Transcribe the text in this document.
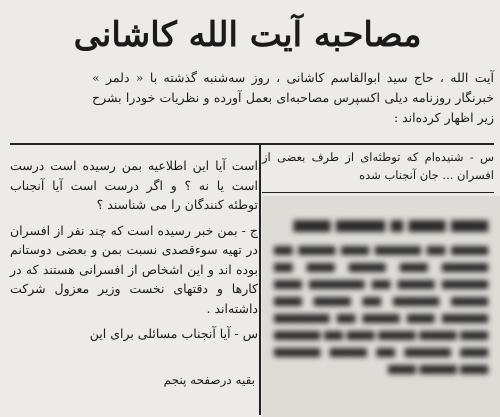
مصاحبه آیت الله کاشانی
آیت الله ، حاج سید ابوالقاسم کاشانی ، روز سه‌شنبه گذشته با « دلمر » خبرنگار روزنامه دیلی اکسپرس مصاحبه‌ای بعمل آورده و نظریات خودرا بشرح زیر اظهار کرده‌اند :
س - شنیده‌ام که توطئه‌ای از طرف بعضی از افسران ... جان آنجناب شده

است آیا این اطلاعیه بمن رسیده است درست است یا نه ؟ و اگر درست است آیا آنجناب توطئه کنندگان را می شناسند ؟

ج - بمن خبر رسیده است که چند نفر از افسران در تهیه سوءقصدی نسبت بمن و بعضی دوستانم بوده اند و این اشخاص از افسرانی هستند که در کارها و دقتهای نخست وزیر معزول شرکت داشته‌اند .

س - آیا‌ آنجناب‌ مسائلی برای این

بقیه درصفحه پنجم
▅▅▅ ▅▅▅ ▅ ▅▅▅▅ ▅▅▅
▅▅▅▅ ▅▅ ▅▅▅▅▅ ▅▅▅ ▅▅▅▅ ▅▅ ▅▅▅▅▅ ▅▅▅ ▅▅▅▅ ▅▅▅ ▅▅ ▅▅▅▅▅ ▅▅▅▅ ▅▅ ▅▅▅▅▅▅ ▅▅▅ ▅▅▅▅ ▅▅▅▅▅ ▅▅ ▅▅▅▅ ▅▅▅ ▅▅▅▅▅ ▅▅▅ ▅▅▅▅ ▅▅ ▅▅▅▅▅▅ ▅▅▅ ▅▅▅▅ ▅▅▅▅ ▅▅▅ ▅▅ ▅▅▅▅▅ ▅▅▅ ▅▅▅▅▅ ▅▅ ▅▅▅▅ ▅▅▅▅▅ ▅▅▅ ▅▅▅▅ ▅▅▅
